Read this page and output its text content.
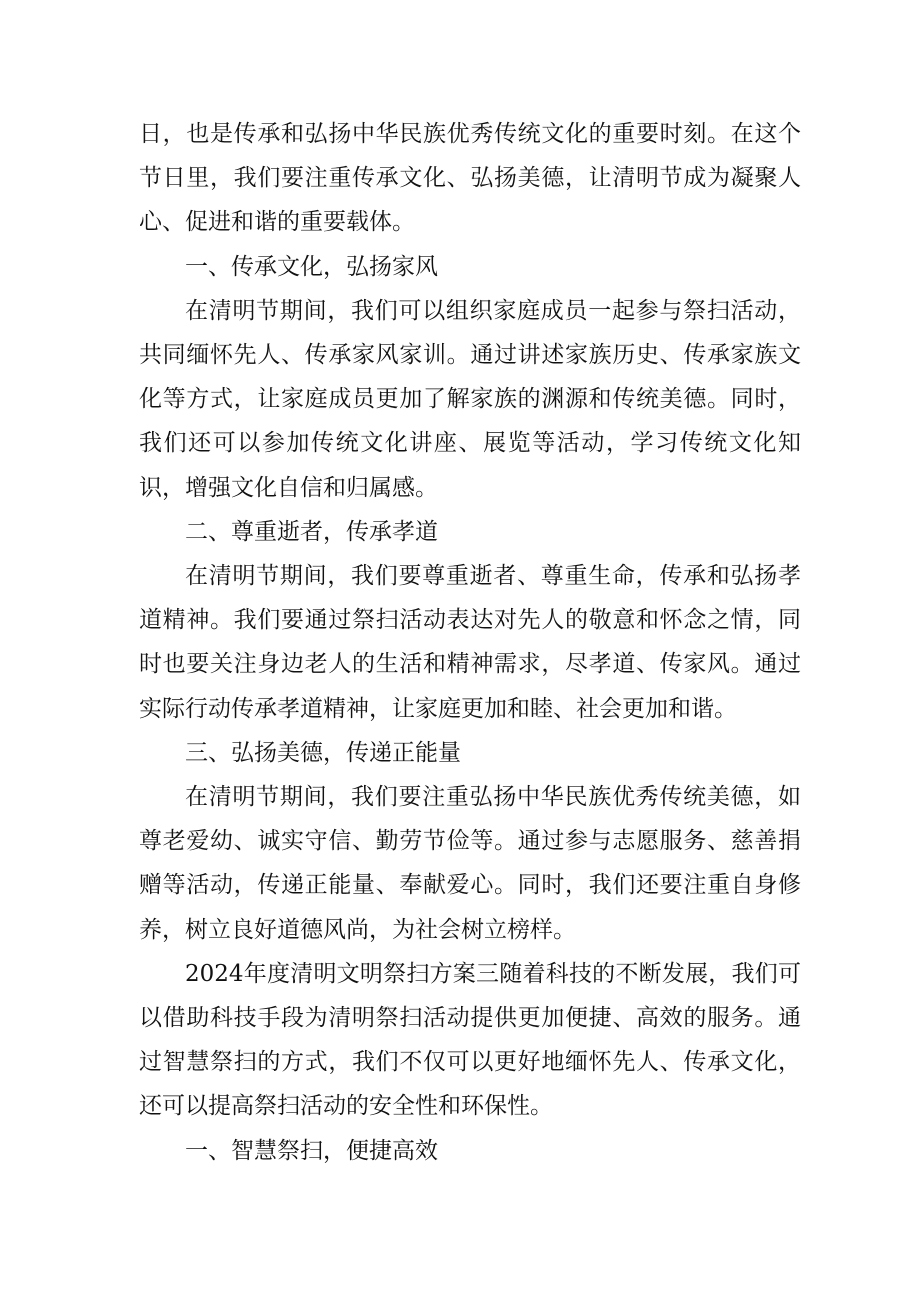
日，也是传承和弘扬中华民族优秀传统文化的重要时刻。在这个节日里，我们要注重传承文化、弘扬美德，让清明节成为凝聚人心、促进和谐的重要载体。

一、传承文化，弘扬家风

在清明节期间，我们可以组织家庭成员一起参与祭扫活动，共同缅怀先人、传承家风家训。通过讲述家族历史、传承家族文化等方式，让家庭成员更加了解家族的渊源和传统美德。同时，我们还可以参加传统文化讲座、展览等活动，学习传统文化知识，增强文化自信和归属感。

二、尊重逝者，传承孝道

在清明节期间，我们要尊重逝者、尊重生命，传承和弘扬孝道精神。我们要通过祭扫活动表达对先人的敬意和怀念之情，同时也要关注身边老人的生活和精神需求，尽孝道、传家风。通过实际行动传承孝道精神，让家庭更加和睦、社会更加和谐。

三、弘扬美德，传递正能量

在清明节期间，我们要注重弘扬中华民族优秀传统美德，如尊老爱幼、诚实守信、勤劳节俭等。通过参与志愿服务、慈善捐赠等活动，传递正能量、奉献爱心。同时，我们还要注重自身修养，树立良好道德风尚，为社会树立榜样。

2024年度清明文明祭扫方案三随着科技的不断发展，我们可以借助科技手段为清明祭扫活动提供更加便捷、高效的服务。通过智慧祭扫的方式，我们不仅可以更好地缅怀先人、传承文化，还可以提高祭扫活动的安全性和环保性。

一、智慧祭扫，便捷高效
